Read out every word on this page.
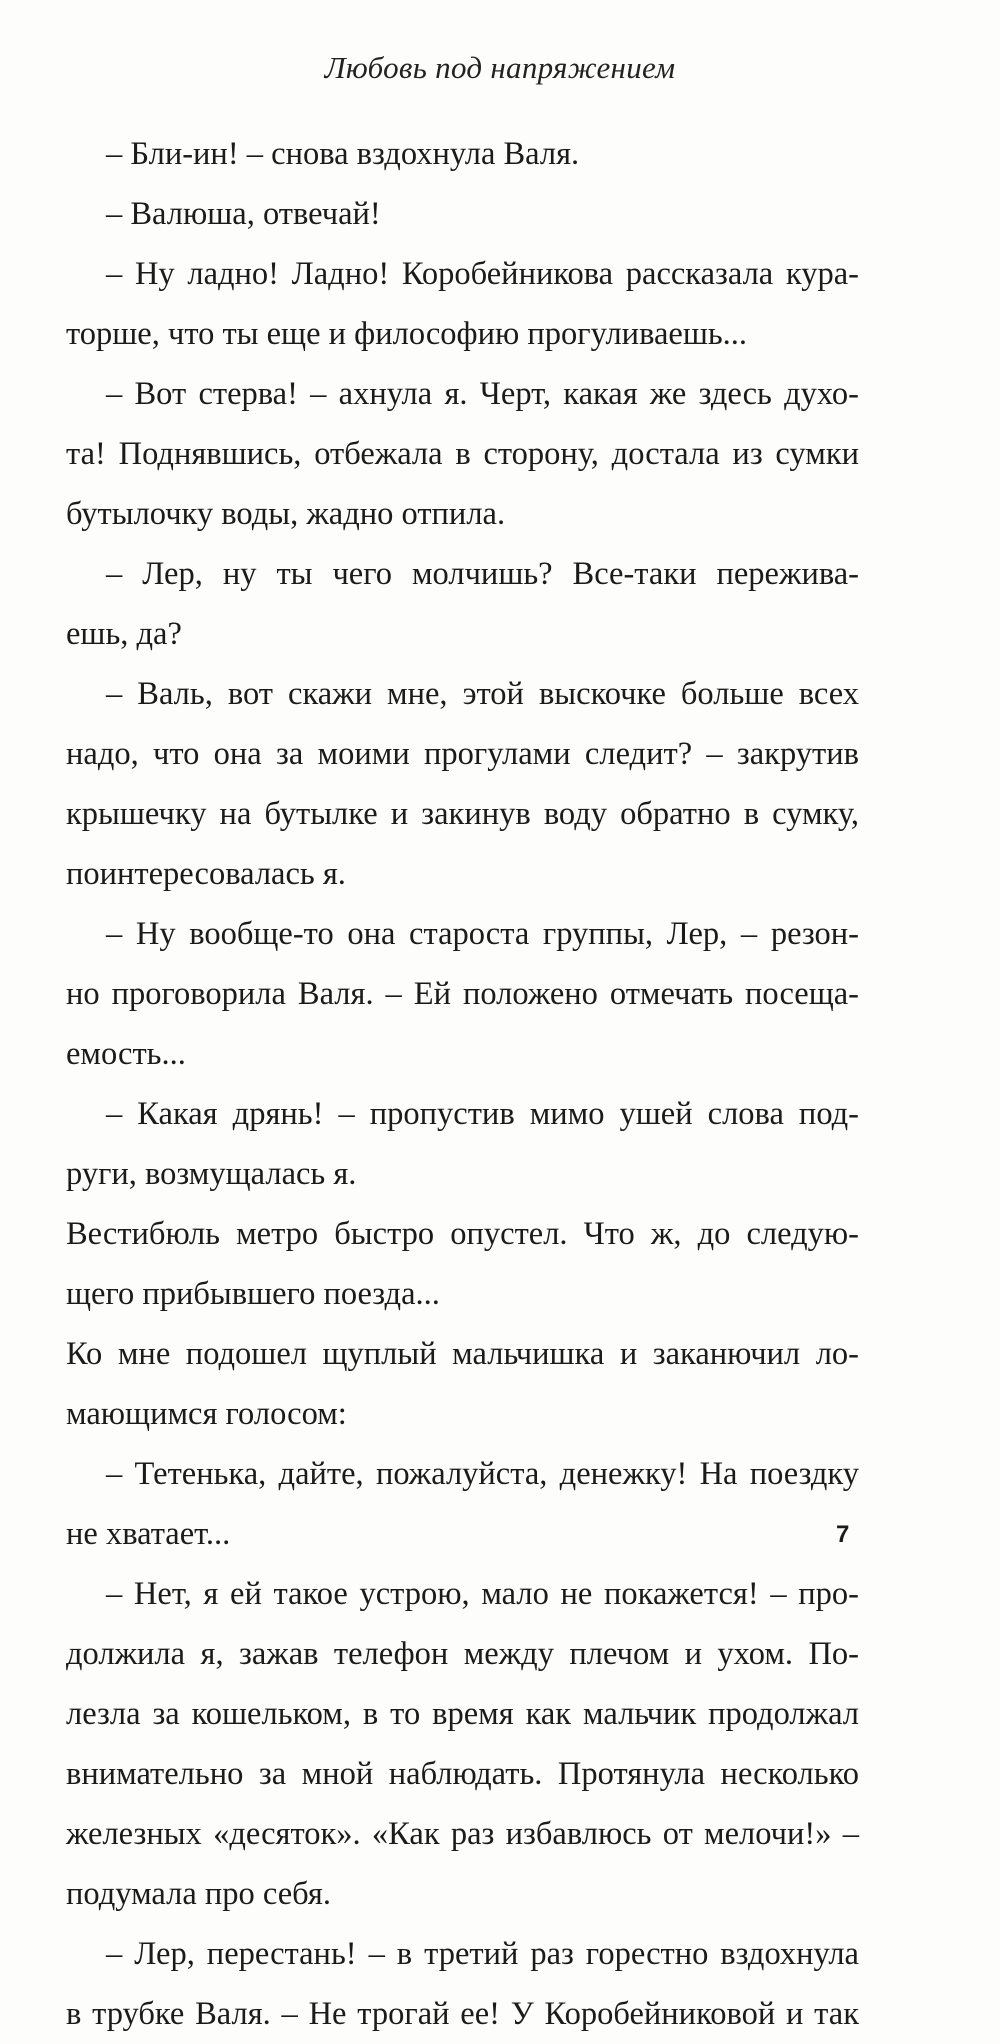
Любовь под напряжением
– Бли-ин! – снова вздохнула Валя.
– Валюша, отвечай!
– Ну ладно! Ладно! Коробейникова рассказала кура-
торше, что ты еще и философию прогуливаешь...
– Вот стерва! – ахнула я. Черт, какая же здесь духо-
та! Поднявшись, отбежала в сторону, достала из сумки
бутылочку воды, жадно отпила.
– Лер, ну ты чего молчишь? Все-таки пережива-
ешь, да?
– Валь, вот скажи мне, этой выскочке больше всех
надо, что она за моими прогулами следит? – закрутив
крышечку на бутылке и закинув воду обратно в сумку,
поинтересовалась я.
– Ну вообще-то она староста группы, Лер, – резон-
но проговорила Валя. – Ей положено отмечать посеща-
емость...
– Какая дрянь! – пропустив мимо ушей слова под-
руги, возмущалась я.
Вестибюль метро быстро опустел. Что ж, до следую-
щего прибывшего поезда...
Ко мне подошел щуплый мальчишка и заканючил ло-
мающимся голосом:
– Тетенька, дайте, пожалуйста, денежку! На поездку
не хватает...
– Нет, я ей такое устрою, мало не покажется! – про-
должила я, зажав телефон между плечом и ухом. По-
лезла за кошельком, в то время как мальчик продолжал
внимательно за мной наблюдать. Протянула несколько
железных «десяток». «Как раз избавлюсь от мелочи!» –
подумала про себя.
– Лер, перестань! – в третий раз горестно вздохнула
в трубке Валя. – Не трогай ее! У Коробейниковой и так
7
